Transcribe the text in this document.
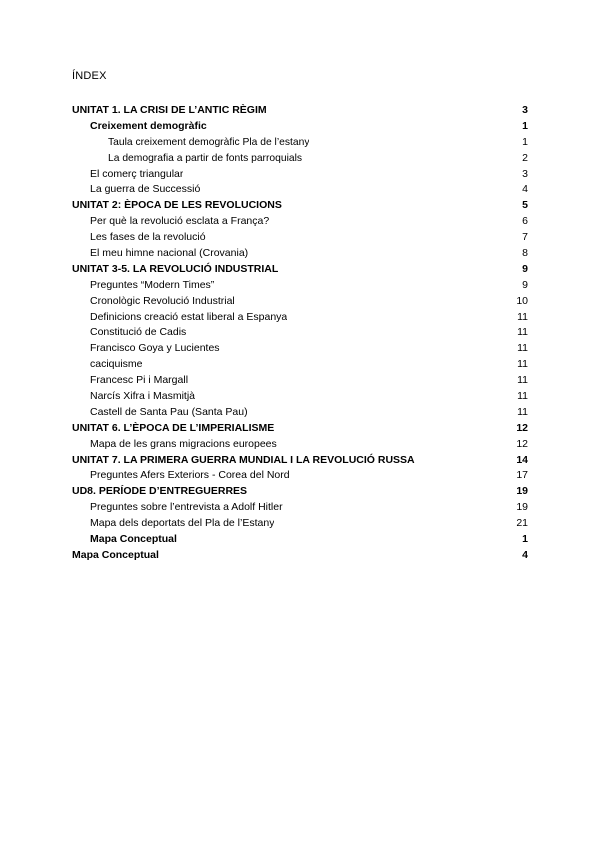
ÍNDEX
UNITAT 1. LA CRISI DE L’ANTIC RÈGIM	3
Creixement demogràfic	1
Taula creixement demogràfic Pla de l’estany	1
La demografia a partir de fonts parroquials	2
El comerç triangular	3
La guerra de Successió	4
UNITAT 2: ÈPOCA DE LES REVOLUCIONS	5
Per què la revolució esclata a França?	6
Les fases de la revolució	7
El meu himne nacional (Crovania)	8
UNITAT 3-5. LA REVOLUCIÓ INDUSTRIAL	9
Preguntes “Modern Times”	9
Cronològic Revolució Industrial	10
Definicions creació estat liberal a Espanya	11
Constitució de Cadis	11
Francisco Goya y Lucientes	11
caciquisme	11
Francesc Pi i Margall	11
Narcís Xifra i Masmitjà	11
Castell de Santa Pau (Santa Pau)	11
UNITAT 6. L’ÈPOCA DE L’IMPERIALISME	12
Mapa de les grans migracions europees	12
UNITAT 7. LA PRIMERA GUERRA MUNDIAL I LA REVOLUCIÓ RUSSA	14
Preguntes Afers Exteriors - Corea del Nord	17
UD8. PERÍODE D’ENTREGUERRES	19
Preguntes sobre l’entrevista a Adolf Hitler	19
Mapa dels deportats del Pla de l’Estany	21
Mapa Conceptual	1
Mapa Conceptual	4
